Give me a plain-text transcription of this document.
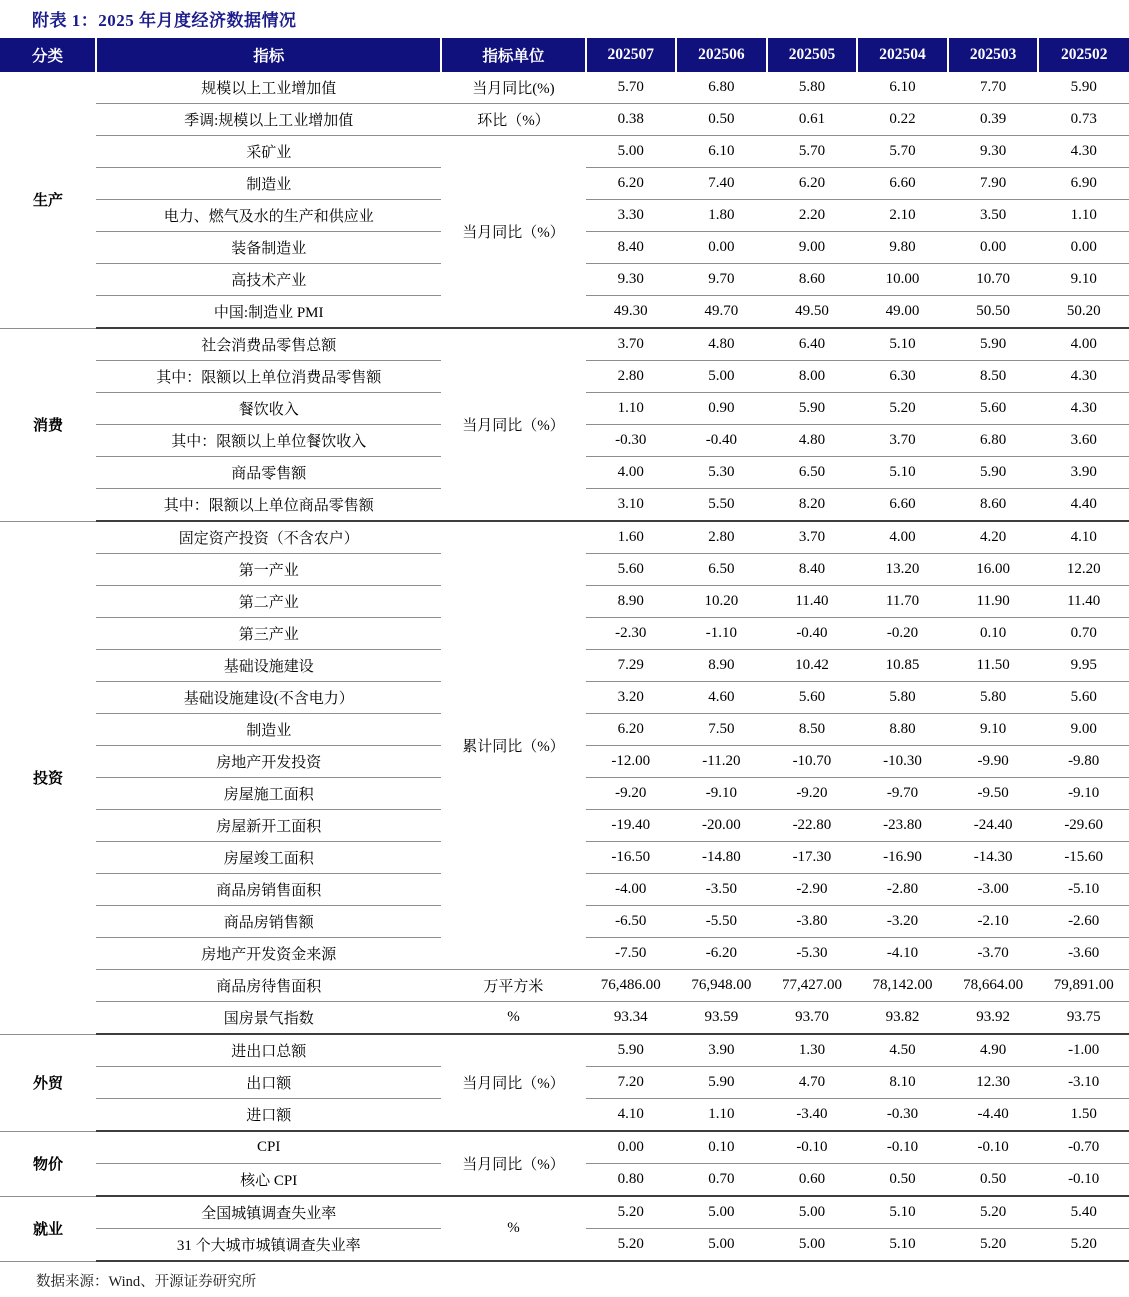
附表 1：2025 年月度经济数据情况
分类	指标	指标单位	202507	202506	202505	202504	202503	202502
生产	规模以上工业增加值	当月同比(%)	5.70	6.80	5.80	6.10	7.70	5.90
	季调:规模以上工业增加值	环比（%）	0.38	0.50	0.61	0.22	0.39	0.73
	采矿业	当月同比（%）	5.00	6.10	5.70	5.70	9.30	4.30
	制造业		6.20	7.40	6.20	6.60	7.90	6.90
	电力、燃气及水的生产和供应业		3.30	1.80	2.20	2.10	3.50	1.10
	装备制造业		8.40	0.00	9.00	9.80	0.00	0.00
	高技术产业		9.30	9.70	8.60	10.00	10.70	9.10
	中国:制造业 PMI		49.30	49.70	49.50	49.00	50.50	50.20
消费	社会消费品零售总额	当月同比（%）	3.70	4.80	6.40	5.10	5.90	4.00
	其中：限额以上单位消费品零售额		2.80	5.00	8.00	6.30	8.50	4.30
	餐饮收入		1.10	0.90	5.90	5.20	5.60	4.30
	其中：限额以上单位餐饮收入		-0.30	-0.40	4.80	3.70	6.80	3.60
	商品零售额		4.00	5.30	6.50	5.10	5.90	3.90
	其中：限额以上单位商品零售额		3.10	5.50	8.20	6.60	8.60	4.40
投资	固定资产投资（不含农户）	累计同比（%）	1.60	2.80	3.70	4.00	4.20	4.10
	第一产业		5.60	6.50	8.40	13.20	16.00	12.20
	第二产业		8.90	10.20	11.40	11.70	11.90	11.40
	第三产业		-2.30	-1.10	-0.40	-0.20	0.10	0.70
	基础设施建设		7.29	8.90	10.42	10.85	11.50	9.95
	基础设施建设(不含电力）		3.20	4.60	5.60	5.80	5.80	5.60
	制造业		6.20	7.50	8.50	8.80	9.10	9.00
	房地产开发投资		-12.00	-11.20	-10.70	-10.30	-9.90	-9.80
	房屋施工面积		-9.20	-9.10	-9.20	-9.70	-9.50	-9.10
	房屋新开工面积		-19.40	-20.00	-22.80	-23.80	-24.40	-29.60
	房屋竣工面积		-16.50	-14.80	-17.30	-16.90	-14.30	-15.60
	商品房销售面积		-4.00	-3.50	-2.90	-2.80	-3.00	-5.10
	商品房销售额		-6.50	-5.50	-3.80	-3.20	-2.10	-2.60
	房地产开发资金来源		-7.50	-6.20	-5.30	-4.10	-3.70	-3.60
	商品房待售面积	万平方米	76,486.00	76,948.00	77,427.00	78,142.00	78,664.00	79,891.00
	国房景气指数	%	93.34	93.59	93.70	93.82	93.92	93.75
外贸	进出口总额	当月同比（%）	5.90	3.90	1.30	4.50	4.90	-1.00
	出口额		7.20	5.90	4.70	8.10	12.30	-3.10
	进口额		4.10	1.10	-3.40	-0.30	-4.40	1.50
物价	CPI	当月同比（%）	0.00	0.10	-0.10	-0.10	-0.10	-0.70
	核心 CPI		0.80	0.70	0.60	0.50	0.50	-0.10
就业	全国城镇调查失业率	%	5.20	5.00	5.00	5.10	5.20	5.40
	31 个大城市城镇调查失业率		5.20	5.00	5.00	5.10	5.20	5.20
数据来源：Wind、开源证券研究所
